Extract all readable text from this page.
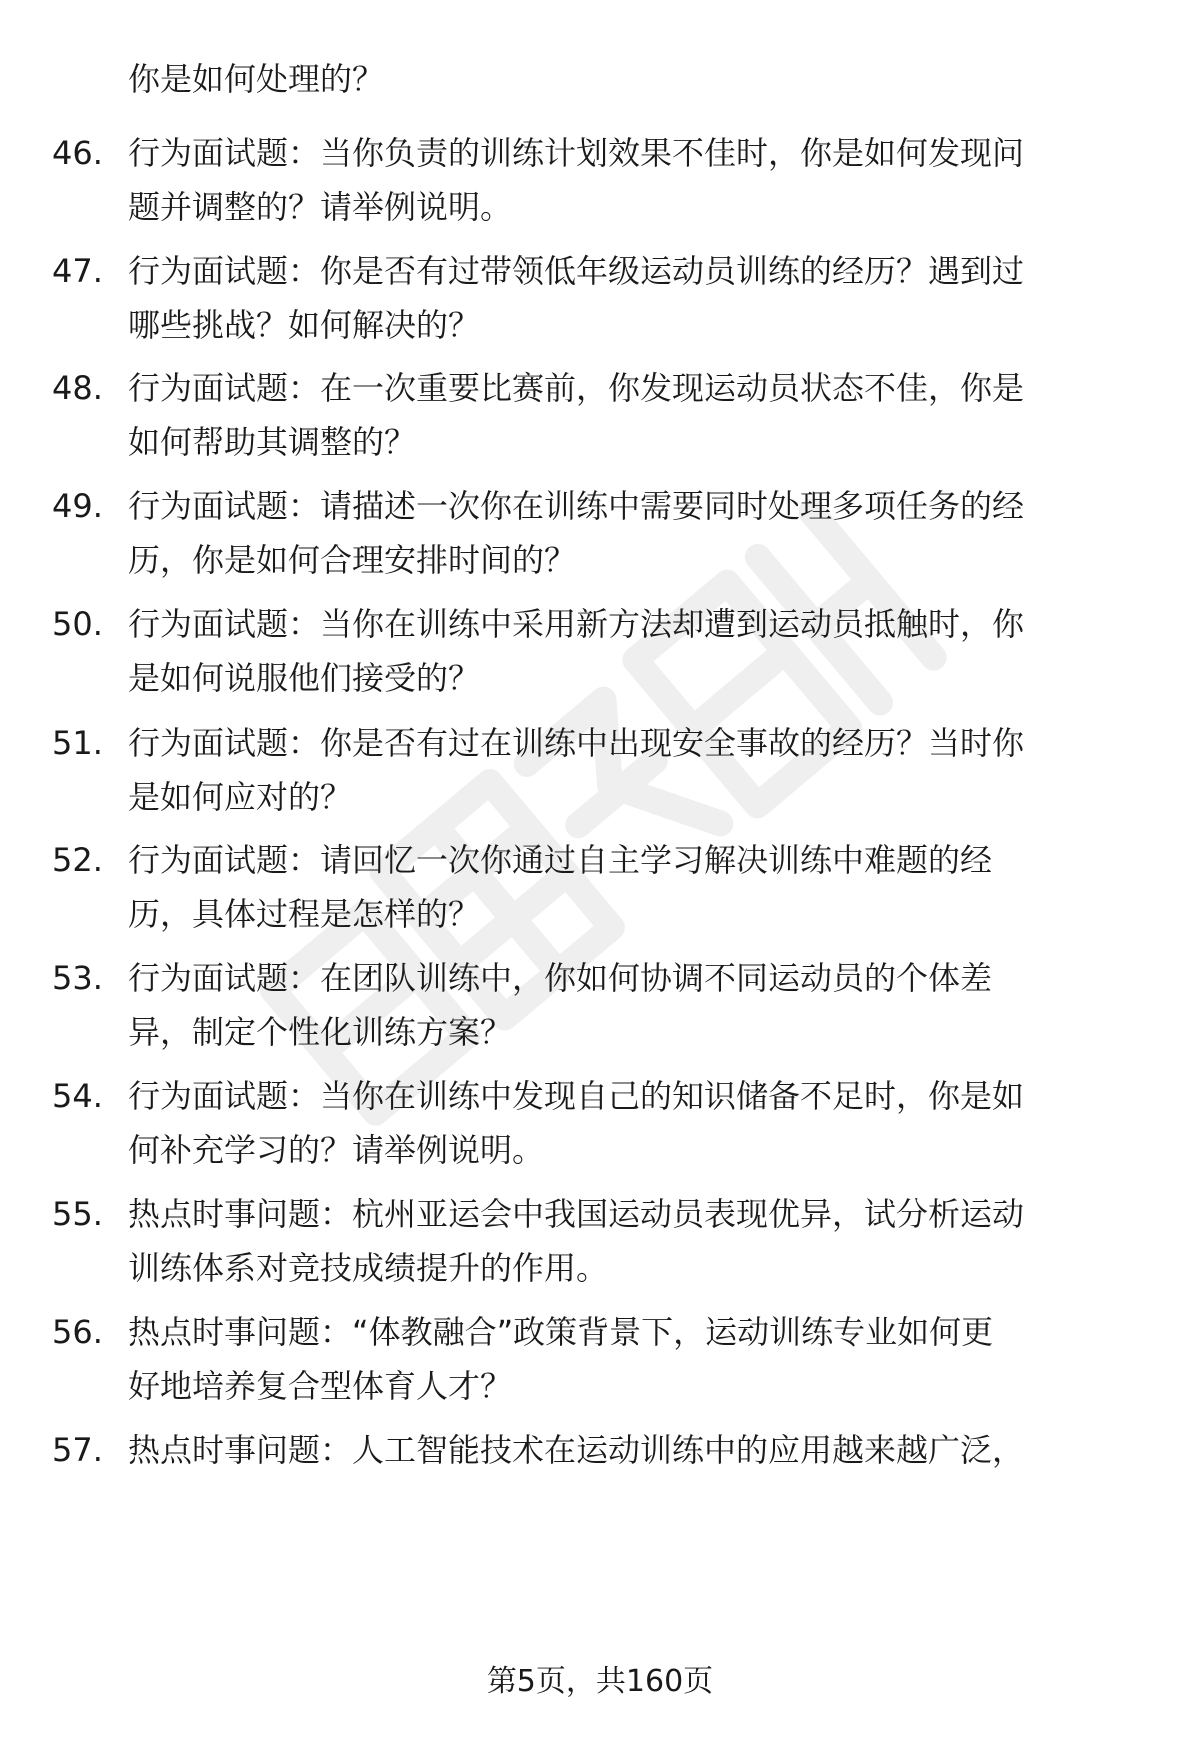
你是如何处理的？
46. 行为面试题：当你负责的训练计划效果不佳时，你是如何发现问
题并调整的？请举例说明。
47. 行为面试题：你是否有过带领低年级运动员训练的经历？遇到过
哪些挑战？如何解决的？
48. 行为面试题：在一次重要比赛前，你发现运动员状态不佳，你是
如何帮助其调整的？
49. 行为面试题：请描述一次你在训练中需要同时处理多项任务的经
历，你是如何合理安排时间的？
50. 行为面试题：当你在训练中采用新方法却遭到运动员抵触时，你
是如何说服他们接受的？
51. 行为面试题：你是否有过在训练中出现安全事故的经历？当时你
是如何应对的？
52. 行为面试题：请回忆一次你通过自主学习解决训练中难题的经
历，具体过程是怎样的？
53. 行为面试题：在团队训练中，你如何协调不同运动员的个体差
异，制定个性化训练方案？
54. 行为面试题：当你在训练中发现自己的知识储备不足时，你是如
何补充学习的？请举例说明。
55. 热点时事问题：杭州亚运会中我国运动员表现优异，试分析运动
训练体系对竞技成绩提升的作用。
56. 热点时事问题：“体教融合”政策背景下，运动训练专业如何更
好地培养复合型体育人才？
57. 热点时事问题：人工智能技术在运动训练中的应用越来越广泛，
第5页，共160页
